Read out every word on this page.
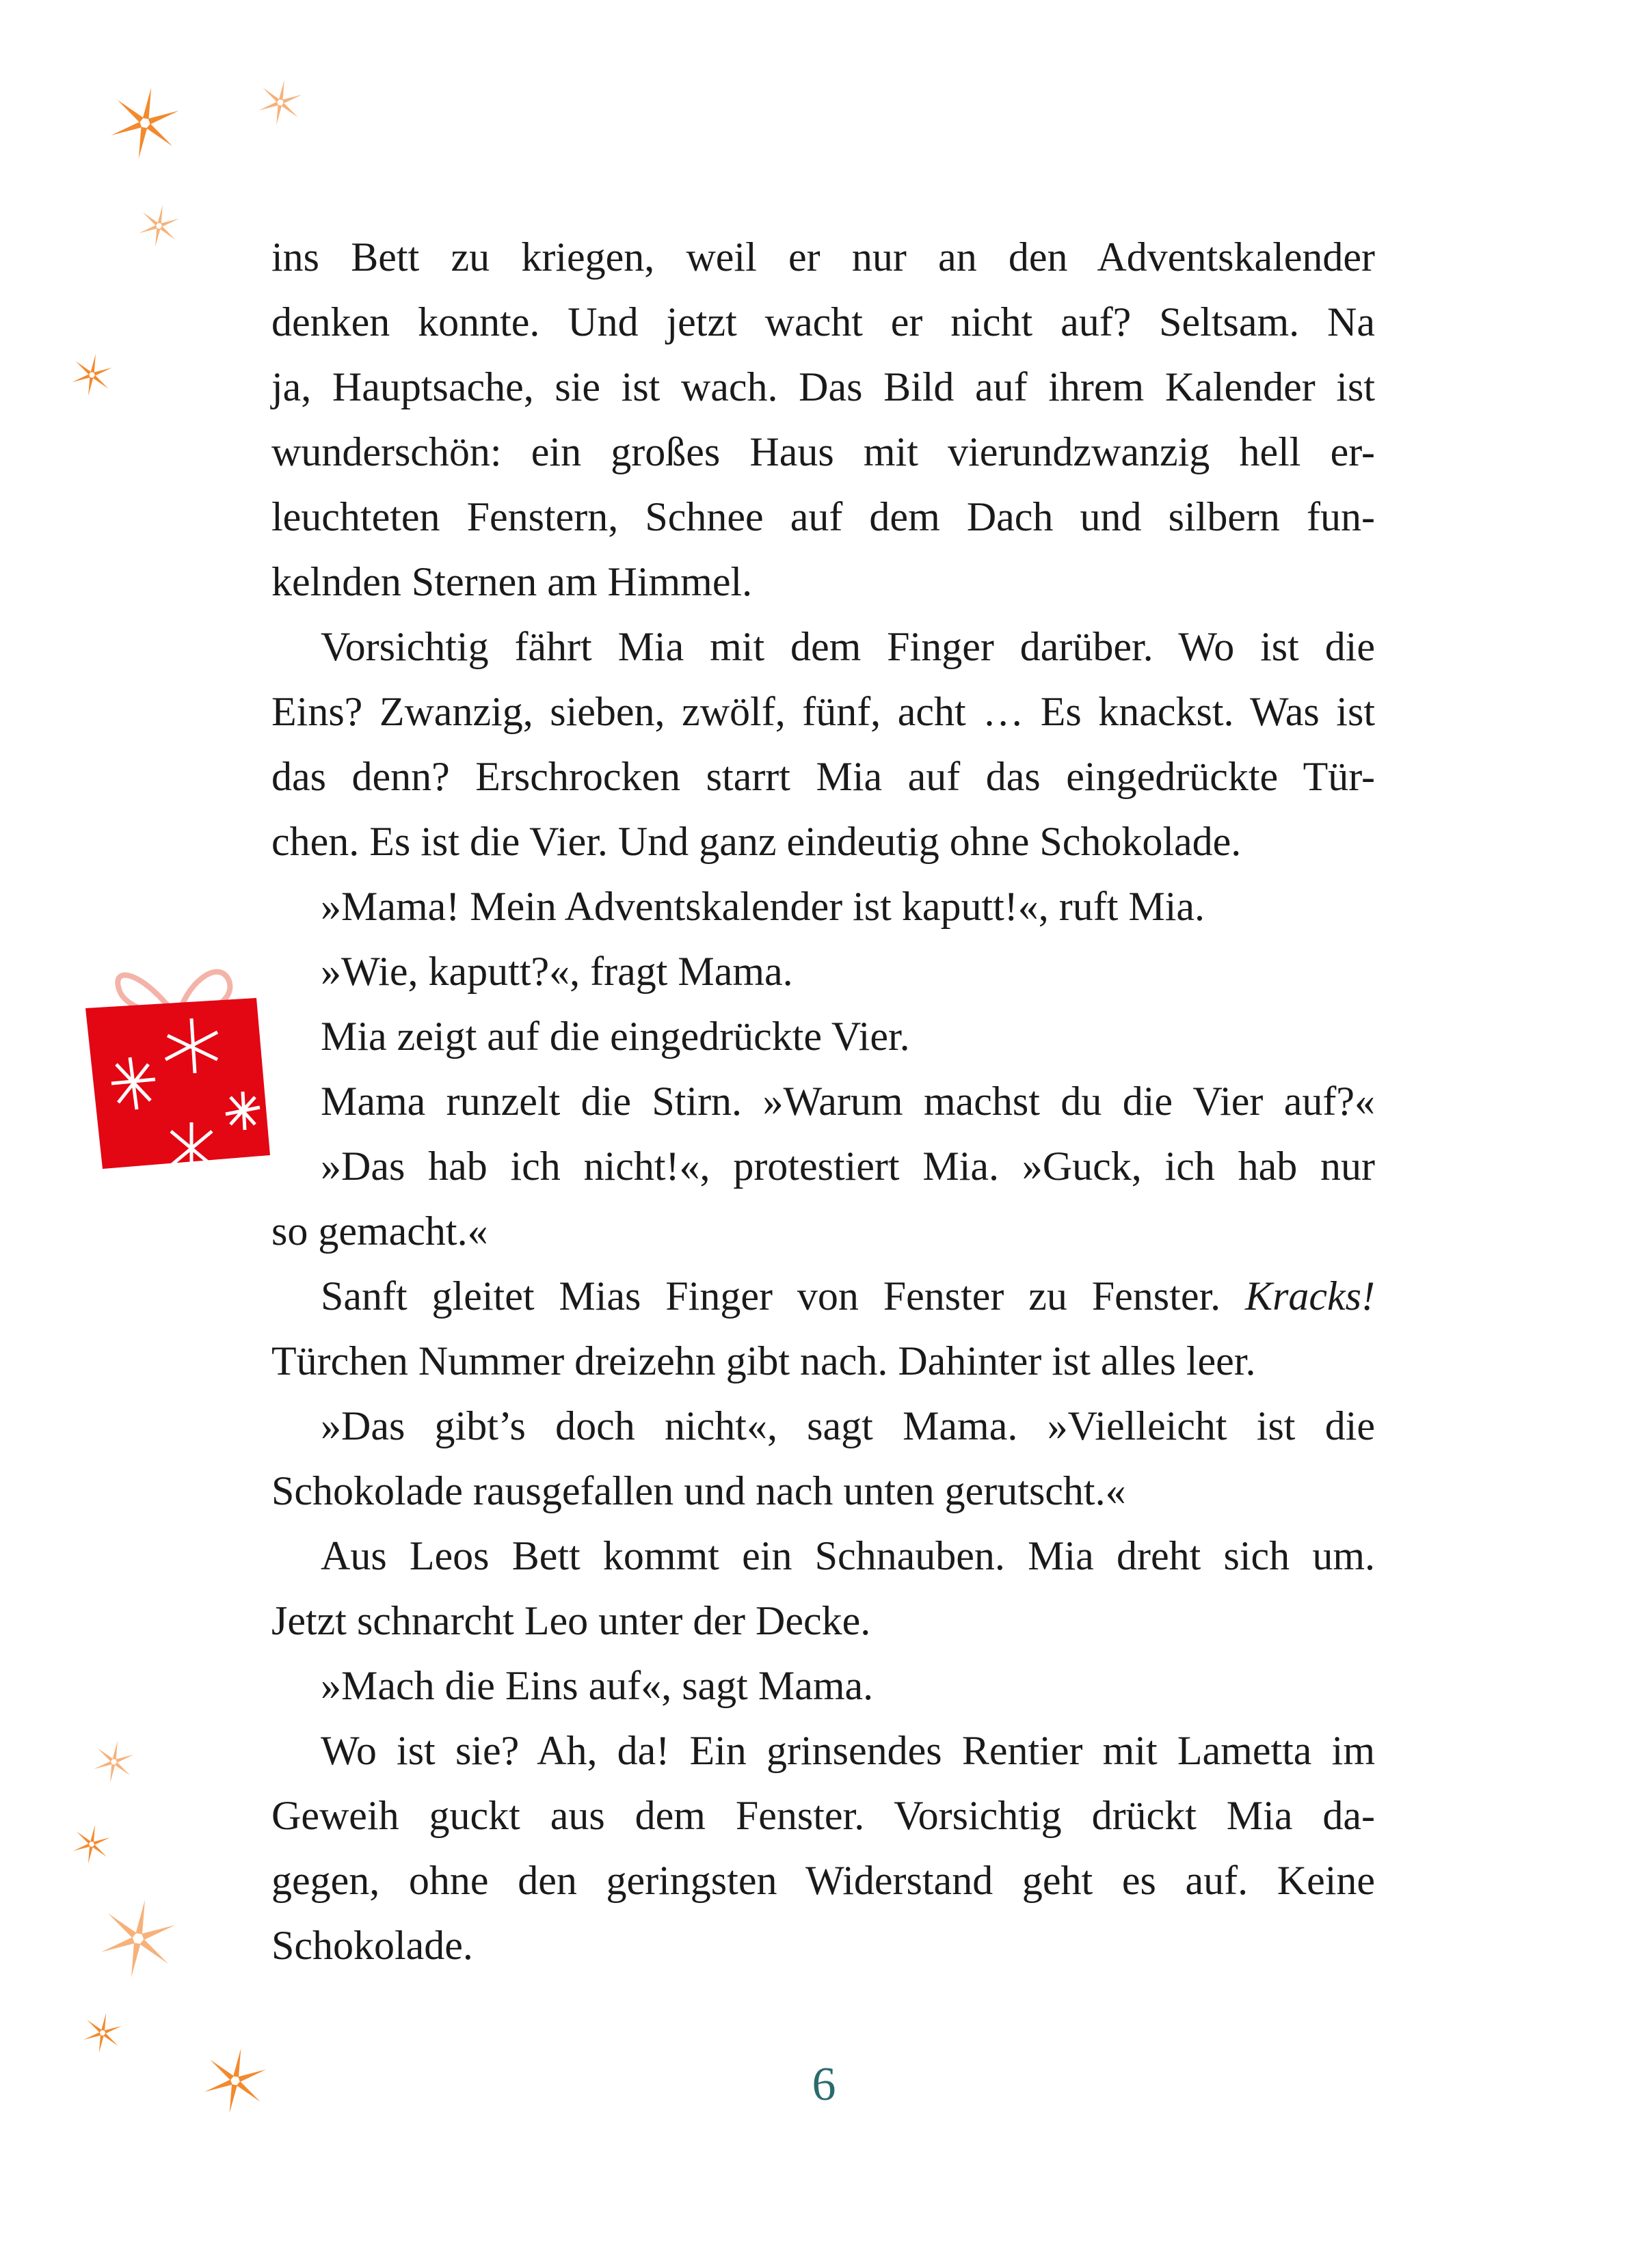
ins Bett zu kriegen, weil er nur an den Adventskalender
denken konnte. Und jetzt wacht er nicht auf? Seltsam. Na
ja, Hauptsache, sie ist wach. Das Bild auf ihrem Kalender ist
wunderschön: ein großes Haus mit vierundzwanzig hell er-
leuchteten Fenstern, Schnee auf dem Dach und silbern fun-
kelnden Sternen am Himmel.
Vorsichtig fährt Mia mit dem Finger darüber. Wo ist die
Eins? Zwanzig, sieben, zwölf, fünf, acht … Es knackst. Was ist
das denn? Erschrocken starrt Mia auf das eingedrückte Tür-
chen. Es ist die Vier. Und ganz eindeutig ohne Schokolade.
»Mama! Mein Adventskalender ist kaputt!«, ruft Mia.
»Wie, kaputt?«, fragt Mama.
Mia zeigt auf die eingedrückte Vier.
Mama runzelt die Stirn. »Warum machst du die Vier auf?«
»Das hab ich nicht!«, protestiert Mia. »Guck, ich hab nur
so gemacht.«
Sanft gleitet Mias Finger von Fenster zu Fenster. Kracks!
Türchen Nummer dreizehn gibt nach. Dahinter ist alles leer.
»Das gibt’s doch nicht«, sagt Mama. »Vielleicht ist die
Schokolade rausgefallen und nach unten gerutscht.«
Aus Leos Bett kommt ein Schnauben. Mia dreht sich um.
Jetzt schnarcht Leo unter der Decke.
»Mach die Eins auf«, sagt Mama.
Wo ist sie? Ah, da! Ein grinsendes Rentier mit Lametta im
Geweih guckt aus dem Fenster. Vorsichtig drückt Mia da-
gegen, ohne den geringsten Widerstand geht es auf. Keine
Schokolade.
6
